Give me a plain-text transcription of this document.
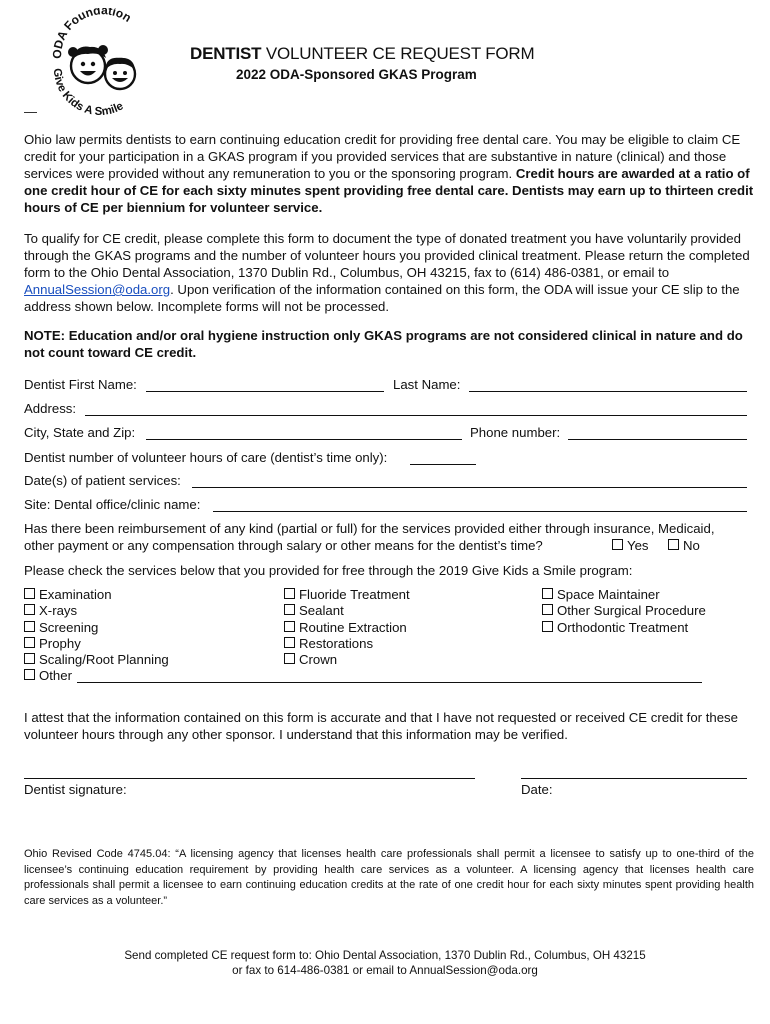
ODA Foundation
Give Kids A Smile
DENTIST VOLUNTEER CE REQUEST FORM
2022 ODA-Sponsored GKAS Program
—
Ohio law permits dentists to earn continuing education credit for providing free dental care. You may be eligible to claim CE credit for your participation in a GKAS program if you provided services that are substantive in nature (clinical) and those services were provided without any remuneration to you or the sponsoring program. Credit hours are awarded at a ratio of one credit hour of CE for each sixty minutes spent providing free dental care. Dentists may earn up to thirteen credit hours of CE per biennium for volunteer service.
To qualify for CE credit, please complete this form to document the type of donated treatment you have voluntarily provided through the GKAS programs and the number of volunteer hours you provided clinical treatment. Please return the completed form to the Ohio Dental Association, 1370 Dublin Rd., Columbus, OH 43215, fax to (614) 486-0381, or email to AnnualSession@oda.org. Upon verification of the information contained on this form, the ODA will issue your CE slip to the address shown below. Incomplete forms will not be processed.
NOTE: Education and/or oral hygiene instruction only GKAS programs are not considered clinical in nature and do not count toward CE credit.
Dentist First Name:	Last Name:
Address:
City, State and Zip:	Phone number:
Dentist number of volunteer hours of care (dentist’s time only):
Date(s) of patient services:
Site: Dental office/clinic name:
Has there been reimbursement of any kind (partial or full) for the services provided either through insurance, Medicaid,
other payment or any compensation through salary or other means for the dentist’s time?	Yes	No
Please check the services below that you provided for free through the 2019 Give Kids a Smile program:
Examination
X-rays
Screening
Prophy
Scaling/Root Planning
Other
Fluoride Treatment
Sealant
Routine Extraction
Restorations
Crown
Space Maintainer
Other Surgical Procedure
Orthodontic Treatment
I attest that the information contained on this form is accurate and that I have not requested or received CE credit for these volunteer hours through any other sponsor. I understand that this information may be verified.
Dentist signature:	Date:
Ohio Revised Code 4745.04: “A licensing agency that licenses health care professionals shall permit a licensee to satisfy up to one-third of the licensee’s continuing education requirement by providing health care services as a volunteer. A licensing agency that licenses health care professionals shall permit a licensee to earn continuing education credits at the rate of one credit hour for each sixty minutes spent providing health care services as a volunteer.”
Send completed CE request form to: Ohio Dental Association, 1370 Dublin Rd., Columbus, OH 43215
or fax to 614-486-0381 or email to AnnualSession@oda.org
